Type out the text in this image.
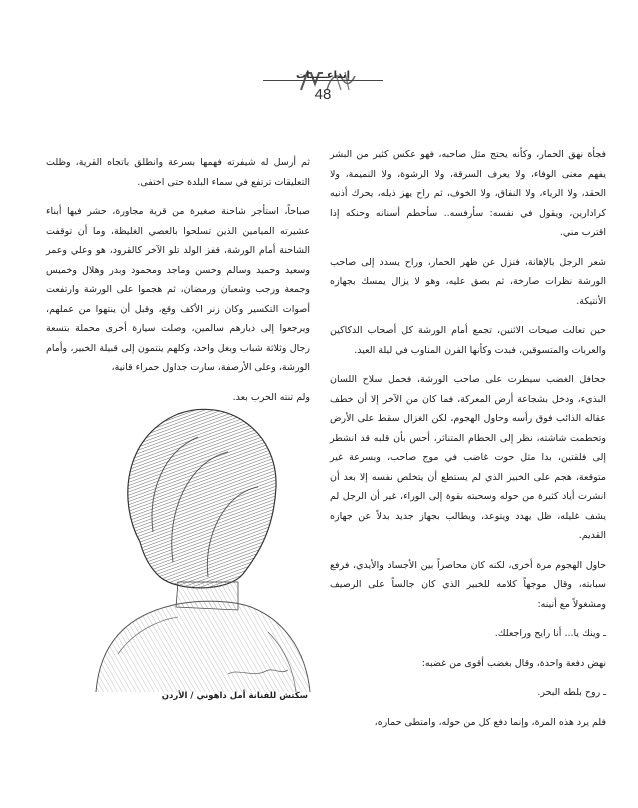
إبداعـــــات
48

فجأة نهق الحمار، وكأنه يحتج مثل صاحبه، فهو عكس كثير من البشر يفهم معنى الوفاء، ولا يعرف السرقة، ولا الرشوة، ولا النميمة، ولا الحقد، ولا الرياء، ولا النفاق، ولا الخوف، ثم راح يهز ذيله، يحرك أذنيه كرادارين، ويقول في نفسه: سأرفسه.. سأحطم أسنانه وحنكه إذا اقترب مني.

شعر الرجل بالإهانة، فنزل عن ظهر الحمار، وراح يسدد إلى صاحب الورشة نظرات صارخة، ثم بصق عليه، وهو لا يزال يمسك بجهازه الأنتيكة.

حين تعالت صيحات الاثنين، تجمع أمام الورشة كل أصحاب الدكاكين والعربات والمتسوقين، فبدت وكأنها الفرن المناوب في ليلة العيد.

جحافل الغضب سيطرت على صاحب الورشة، فحمل سلاح اللسان البذيء، ودخل بشجاعة أرض المعركة، فما كان من الآخر إلا أن خطف عقاله الذائب فوق رأسه وحاول الهجوم، لكن الغزال سقط على الأرض وتحطمت شاشته، نظر إلى الحطام المتناثر، أحس بأن قلبه قد انشطر إلى فلقتين، بدا مثل حوت غاضب في موج صاحب، وبسرعة غير متوقعة، هجم على الخبير الذي لم يستطع أن يتخلص نفسه إلا بعد أن انشرت أياد كثيرة من حوله وسحبته بقوة إلى الوراء، غير أن الرجل لم يشف غليله، ظل يهدد ويتوعد، ويطالب بجهاز جديد بدلاً عن جهازه القديم.

حاول الهجوم مرة أخرى، لكنه كان محاصراً بين الأجساد والأيدي، فرفع سبابته، وقال موجهاً كلامه للخبير الذي كان جالساً على الرصيف ومشغولاً مع أنينه:

ـ وينك يا... أنا رايح وراجعلك.

نهض دفعة واحدة، وقال بغضب أقوى من غضبه:

ـ روح بلطه البحر.

فلم يرد هذه المرة، وإنما دفع كل من حوله، وامتطى حماره،

ثم أرسل له شيفرته فهمها بسرعة وانطلق باتجاه القرية، وظلت التعليقات ترتفع في سماء البلدة حتى اختفى.

صباحاً، استأجر شاحنة صغيرة من قرية مجاورة، حشر فيها أبناء عشيرته الميامين الذين تسلحوا بالعصي الغليظة، وما أن توقفت الشاحنة أمام الورشة، قفز الولد تلو الآخر كالقرود، هو وعلي وعمر وسعيد وحميد وسالم وحسن وماجد ومحمود وبدر وهلال وخميس وجمعة ورجب وشعبان ورمضان، ثم هجموا على الورشة وارتفعت أصوات التكسير وكان زنر الأكف وقع، وقبل أن ينتهوا من عملهم، ويرجعوا إلى ديارهم سالمين، وصلت سيارة أخرى محملة بتسعة رجال وثلاثة شباب وبغل واحد، وكلهم ينتمون إلى قبيلة الخبير، وأمام الورشة، وعلى الأرصفة، سارت جداول حمراء قانية،

ولم تنته الحرب بعد.

سكتش للفنانة أمل داهوني / الأردن
